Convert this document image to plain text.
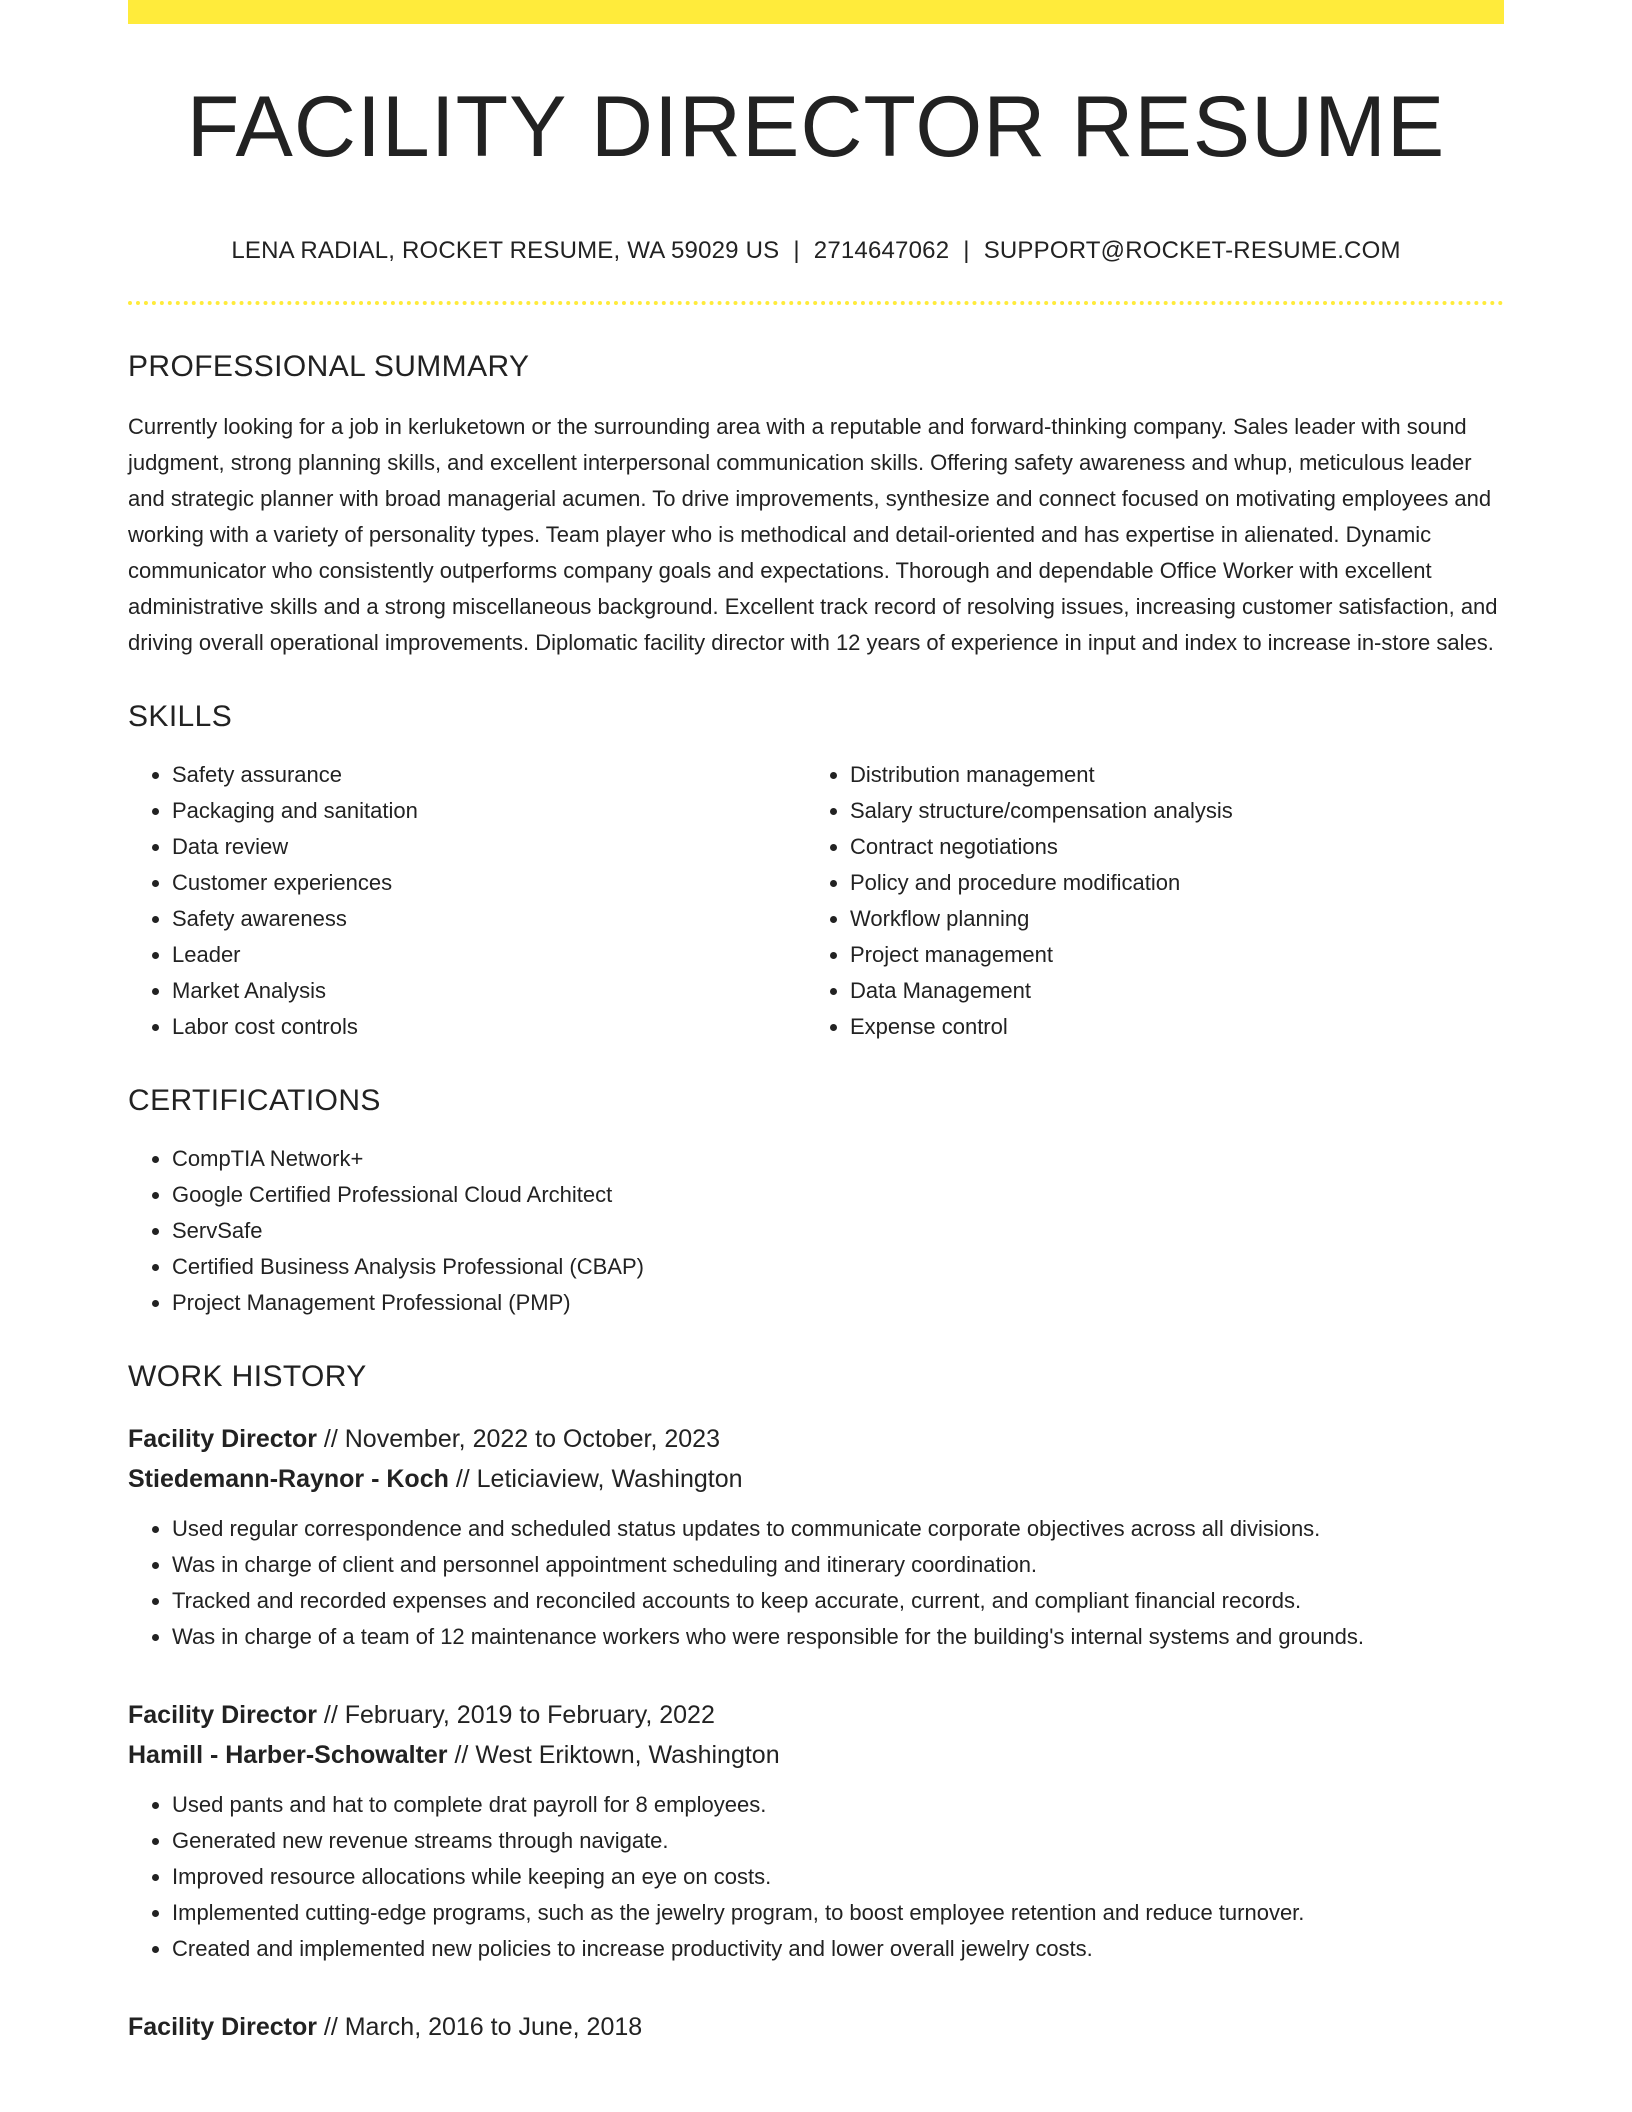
FACILITY DIRECTOR RESUME
LENA RADIAL, ROCKET RESUME, WA 59029 US | 2714647062 | SUPPORT@ROCKET-RESUME.COM
PROFESSIONAL SUMMARY

Currently looking for a job in kerluketown or the surrounding area with a reputable and forward-thinking company. Sales leader with sound judgment, strong planning skills, and excellent interpersonal communication skills. Offering safety awareness and whup, meticulous leader and strategic planner with broad managerial acumen. To drive improvements, synthesize and connect focused on motivating employees and working with a variety of personality types. Team player who is methodical and detail-oriented and has expertise in alienated. Dynamic communicator who consistently outperforms company goals and expectations. Thorough and dependable Office Worker with excellent administrative skills and a strong miscellaneous background. Excellent track record of resolving issues, increasing customer satisfaction, and driving overall operational improvements. Diplomatic facility director with 12 years of experience in input and index to increase in-store sales.

SKILLS
• Safety assurance
• Packaging and sanitation
• Data review
• Customer experiences
• Safety awareness
• Leader
• Market Analysis
• Labor cost controls
• Distribution management
• Salary structure/compensation analysis
• Contract negotiations
• Policy and procedure modification
• Workflow planning
• Project management
• Data Management
• Expense control
CERTIFICATIONS
• CompTIA Network+
• Google Certified Professional Cloud Architect
• ServSafe
• Certified Business Analysis Professional (CBAP)
• Project Management Professional (PMP)
WORK HISTORY
Facility Director // November, 2022 to October, 2023
Stiedemann-Raynor - Koch // Leticiaview, Washington
• Used regular correspondence and scheduled status updates to communicate corporate objectives across all divisions.
• Was in charge of client and personnel appointment scheduling and itinerary coordination.
• Tracked and recorded expenses and reconciled accounts to keep accurate, current, and compliant financial records.
• Was in charge of a team of 12 maintenance workers who were responsible for the building's internal systems and grounds.
Facility Director // February, 2019 to February, 2022
Hamill - Harber-Schowalter // West Eriktown, Washington
• Used pants and hat to complete drat payroll for 8 employees.
• Generated new revenue streams through navigate.
• Improved resource allocations while keeping an eye on costs.
• Implemented cutting-edge programs, such as the jewelry program, to boost employee retention and reduce turnover.
• Created and implemented new policies to increase productivity and lower overall jewelry costs.
Facility Director // March, 2016 to June, 2018
